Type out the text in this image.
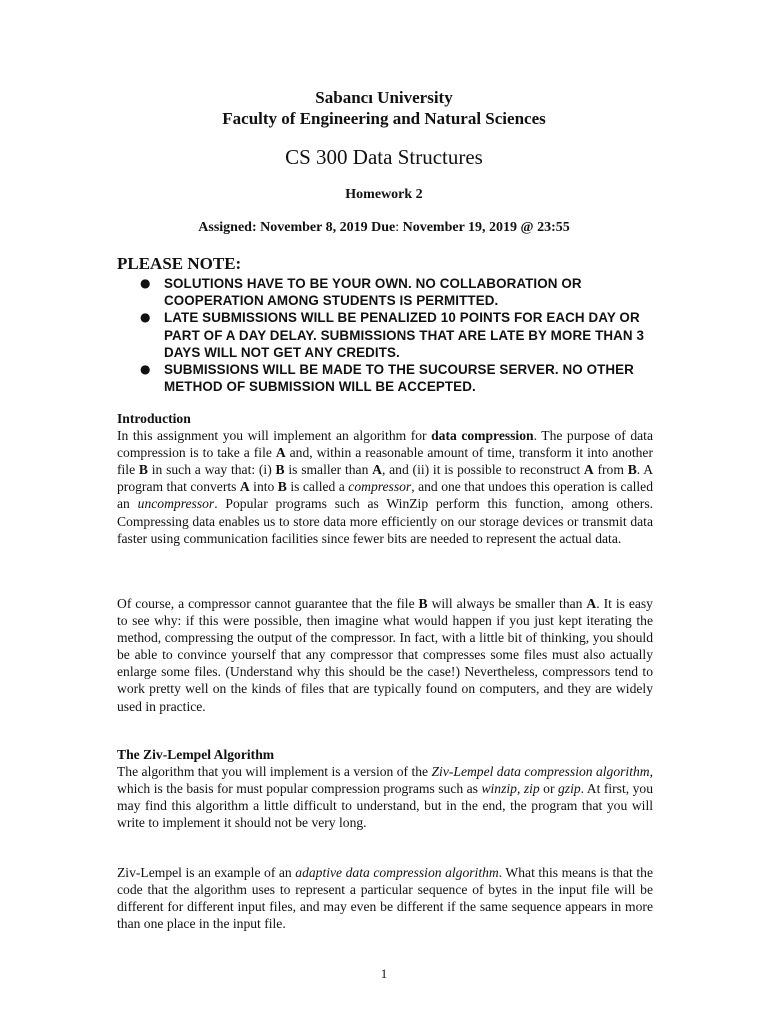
Sabancı University
Faculty of Engineering and Natural Sciences
CS 300 Data Structures
Homework 2
Assigned: November 8, 2019 Due: November 19, 2019 @ 23:55
PLEASE NOTE:
● SOLUTIONS HAVE TO BE YOUR OWN. NO COLLABORATION OR COOPERATION AMONG STUDENTS IS PERMITTED.
● LATE SUBMISSIONS WILL BE PENALIZED 10 POINTS FOR EACH DAY OR PART OF A DAY DELAY. SUBMISSIONS THAT ARE LATE BY MORE THAN 3 DAYS WILL NOT GET ANY CREDITS.
● SUBMISSIONS WILL BE MADE TO THE SUCOURSE SERVER. NO OTHER METHOD OF SUBMISSION WILL BE ACCEPTED.
Introduction

In this assignment you will implement an algorithm for data compression. The purpose of data compression is to take a file A and, within a reasonable amount of time, transform it into another file B in such a way that: (i) B is smaller than A, and (ii) it is possible to reconstruct A from B. A program that converts A into B is called a compressor, and one that undoes this operation is called an uncompressor. Popular programs such as WinZip perform this function, among others. Compressing data enables us to store data more efficiently on our storage devices or transmit data faster using communication facilities since fewer bits are needed to represent the actual data.

Of course, a compressor cannot guarantee that the file B will always be smaller than A. It is easy to see why: if this were possible, then imagine what would happen if you just kept iterating the method, compressing the output of the compressor. In fact, with a little bit of thinking, you should be able to convince yourself that any compressor that compresses some files must also actually enlarge some files. (Understand why this should be the case!) Nevertheless, compressors tend to work pretty well on the kinds of files that are typically found on computers, and they are widely used in practice.

The Ziv-Lempel Algorithm

The algorithm that you will implement is a version of the Ziv-Lempel data compression algorithm, which is the basis for must popular compression programs such as winzip, zip or gzip. At first, you may find this algorithm a little difficult to understand, but in the end, the program that you will write to implement it should not be very long.

Ziv-Lempel is an example of an adaptive data compression algorithm. What this means is that the code that the algorithm uses to represent a particular sequence of bytes in the input file will be different for different input files, and may even be different if the same sequence appears in more than one place in the input file.

1
